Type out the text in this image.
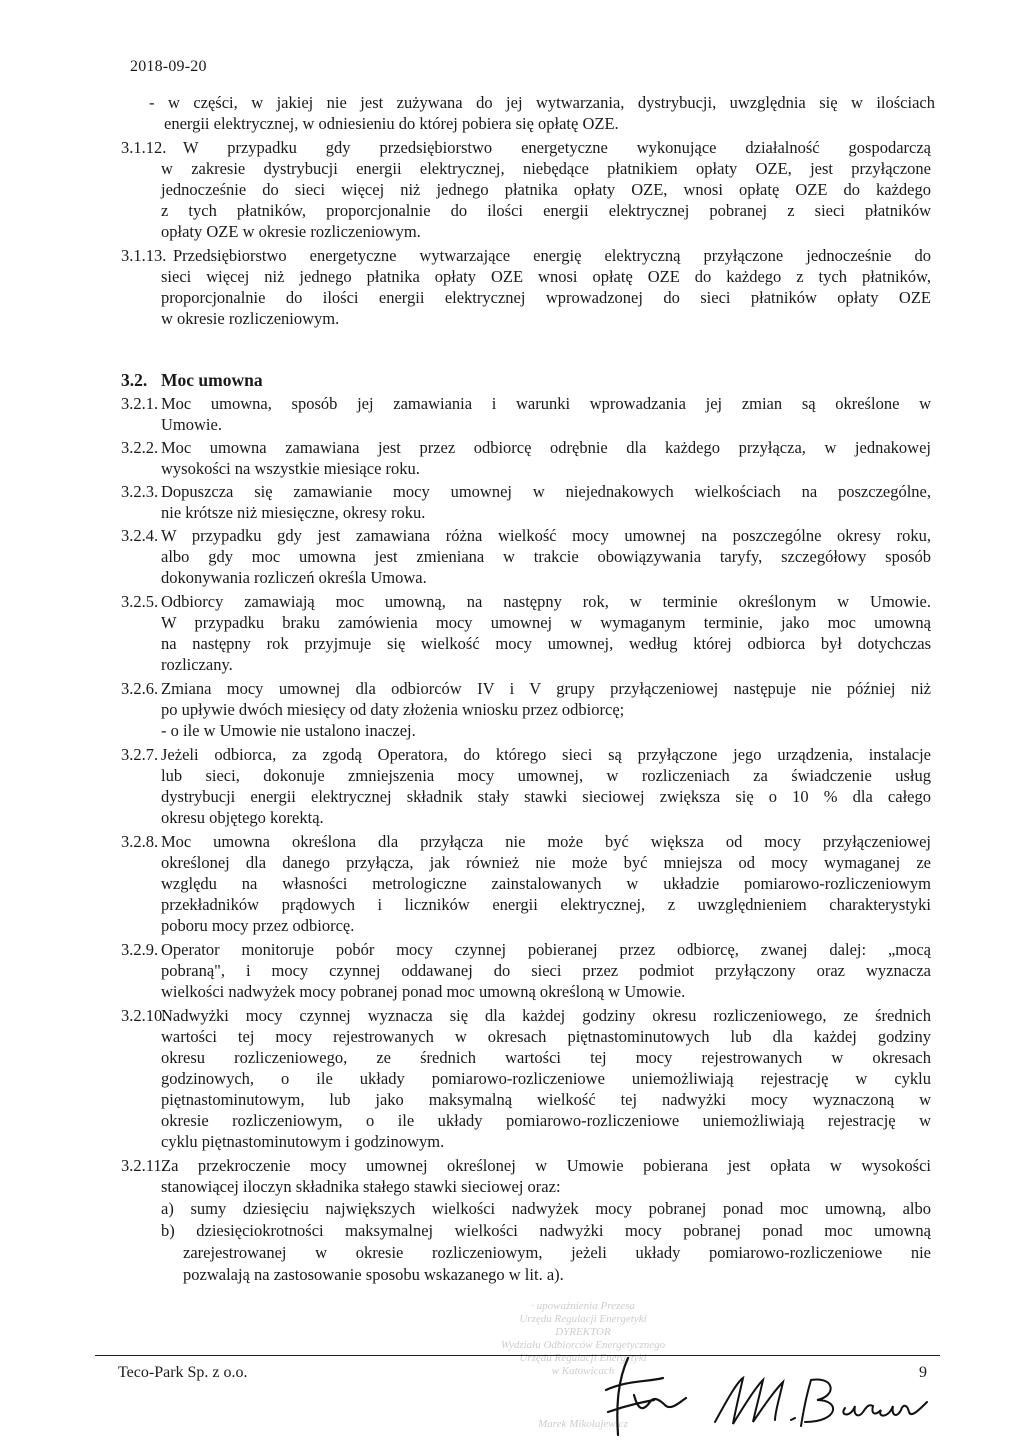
2018-09-20
- w części, w jakiej nie jest zużywana do jej wytwarzania, dystrybucji, uwzględnia się w ilościach
energii elektrycznej, w odniesieniu do której pobiera się opłatę OZE.
3.1.12. W przypadku gdy przedsiębiorstwo energetyczne wykonujące działalność gospodarczą
w zakresie dystrybucji energii elektrycznej, niebędące płatnikiem opłaty OZE, jest przyłączone
jednocześnie do sieci więcej niż jednego płatnika opłaty OZE, wnosi opłatę OZE do każdego
z tych płatników, proporcjonalnie do ilości energii elektrycznej pobranej z sieci płatników
opłaty OZE w okresie rozliczeniowym.
3.1.13. Przedsiębiorstwo energetyczne wytwarzające energię elektryczną przyłączone jednocześnie do
sieci więcej niż jednego płatnika opłaty OZE wnosi opłatę OZE do każdego z tych płatników,
proporcjonalnie do ilości energii elektrycznej wprowadzonej do sieci płatników opłaty OZE
w okresie rozliczeniowym.
3.2. Moc umowna
3.2.1. Moc umowna, sposób jej zamawiania i warunki wprowadzania jej zmian są określone w
Umowie.
3.2.2. Moc umowna zamawiana jest przez odbiorcę odrębnie dla każdego przyłącza, w jednakowej
wysokości na wszystkie miesiące roku.
3.2.3. Dopuszcza się zamawianie mocy umownej w niejednakowych wielkościach na poszczególne,
nie krótsze niż miesięczne, okresy roku.
3.2.4. W przypadku gdy jest zamawiana różna wielkość mocy umownej na poszczególne okresy roku,
albo gdy moc umowna jest zmieniana w trakcie obowiązywania taryfy, szczegółowy sposób
dokonywania rozliczeń określa Umowa.
3.2.5. Odbiorcy zamawiają moc umowną, na następny rok, w terminie określonym w Umowie.
W przypadku braku zamówienia mocy umownej w wymaganym terminie, jako moc umowną
na następny rok przyjmuje się wielkość mocy umownej, według której odbiorca był dotychczas
rozliczany.
3.2.6. Zmiana mocy umownej dla odbiorców IV i V grupy przyłączeniowej następuje nie później niż
po upływie dwóch miesięcy od daty złożenia wniosku przez odbiorcę;
- o ile w Umowie nie ustalono inaczej.
3.2.7. Jeżeli odbiorca, za zgodą Operatora, do którego sieci są przyłączone jego urządzenia, instalacje
lub sieci, dokonuje zmniejszenia mocy umownej, w rozliczeniach za świadczenie usług
dystrybucji energii elektrycznej składnik stały stawki sieciowej zwiększa się o 10 % dla całego
okresu objętego korektą.
3.2.8. Moc umowna określona dla przyłącza nie może być większa od mocy przyłączeniowej
określonej dla danego przyłącza, jak również nie może być mniejsza od mocy wymaganej ze
względu na własności metrologiczne zainstalowanych w układzie pomiarowo-rozliczeniowym
przekładników prądowych i liczników energii elektrycznej, z uwzględnieniem charakterystyki
poboru mocy przez odbiorcę.
3.2.9. Operator monitoruje pobór mocy czynnej pobieranej przez odbiorcę, zwanej dalej: „mocą
pobraną", i mocy czynnej oddawanej do sieci przez podmiot przyłączony oraz wyznacza
wielkości nadwyżek mocy pobranej ponad moc umowną określoną w Umowie.
3.2.10.
Nadwyżki mocy czynnej wyznacza się dla każdej godziny okresu rozliczeniowego, ze średnich
wartości tej mocy rejestrowanych w okresach piętnastominutowych lub dla każdej godziny
okresu rozliczeniowego, ze średnich wartości tej mocy rejestrowanych w okresach
godzinowych, o ile układy pomiarowo-rozliczeniowe uniemożliwiają rejestrację w cyklu
piętnastominutowym, lub jako maksymalną wielkość tej nadwyżki mocy wyznaczoną w
okresie rozliczeniowym, o ile układy pomiarowo-rozliczeniowe uniemożliwiają rejestrację w
cyklu piętnastominutowym i godzinowym.
3.2.11.
Za przekroczenie mocy umownej określonej w Umowie pobierana jest opłata w wysokości
stanowiącej iloczyn składnika stałego stawki sieciowej oraz:
a) sumy dziesięciu największych wielkości nadwyżek mocy pobranej ponad moc umowną, albo
b) dziesięciokrotności maksymalnej wielkości nadwyżki mocy pobranej ponad moc umowną
zarejestrowanej w okresie rozliczeniowym, jeżeli układy pomiarowo-rozliczeniowe nie
pozwalają na zastosowanie sposobu wskazanego w lit. a).
· upoważnienia Prezesa
Urzędu Regulacji Energetyki
DYREKTOR
Wydziału Odbiorców Energetycznego
Urzędu Regulacji Energetyki
w Katowicach
Marek Mikołajewicz
Teco-Park Sp. z o.o.	9
